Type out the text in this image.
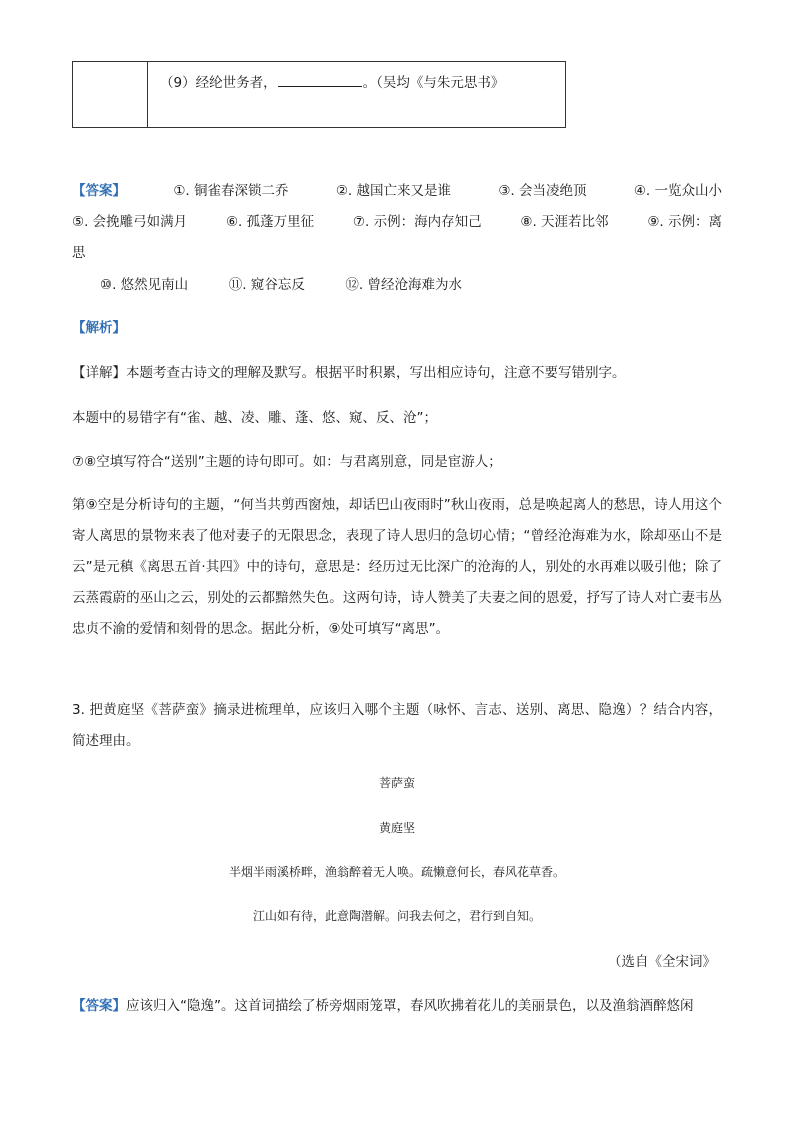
（9）经纶世务者，	。（吴均《与朱元思书》
【答案】	①. 铜雀春深锁二乔	②. 越国亡来又是谁	③. 会当凌绝顶	④. 一览众山小
⑤. 会挽雕弓如满月	⑥. 孤蓬万里征	⑦. 示例：海内存知己	⑧. 天涯若比邻	⑨. 示例：离
思
⑩. 悠然见南山	⑪. 窥谷忘反	⑫. 曾经沧海难为水
【解析】
【详解】本题考查古诗文的理解及默写。根据平时积累，写出相应诗句，注意不要写错别字。
本题中的易错字有“雀、越、凌、雕、蓬、悠、窥、反、沧”；
⑦⑧空填写符合“送别”主题的诗句即可。如：与君离别意，同是宦游人；
第⑨空是分析诗句的主题，“何当共剪西窗烛，却话巴山夜雨时”秋山夜雨，总是唤起离人的愁思，诗人用这个寄人离思的景物来表了他对妻子的无限思念，表现了诗人思归的急切心情；“曾经沧海难为水，除却巫山不是云”是元稹《离思五首·其四》中的诗句，意思是：经历过无比深广的沧海的人，别处的水再难以吸引他；除了云蒸霞蔚的巫山之云，别处的云都黯然失色。这两句诗，诗人赞美了夫妻之间的恩爱，抒写了诗人对亡妻韦丛忠贞不渝的爱情和刻骨的思念。据此分析，⑨处可填写“离思”。
3. 把黄庭坚《菩萨蛮》摘录进梳理单，应该归入哪个主题（咏怀、言志、送别、离思、隐逸）？结合内容，简述理由。
菩萨蛮
黄庭坚
半烟半雨溪桥畔，渔翁醉着无人唤。疏懒意何长，春风花草香。
江山如有待，此意陶潜解。问我去何之，君行到自知。
（选自《全宋词》
【答案】应该归入“隐逸”。这首词描绘了桥旁烟雨笼罩，春风吹拂着花儿的美丽景色，以及渔翁酒醉悠闲
